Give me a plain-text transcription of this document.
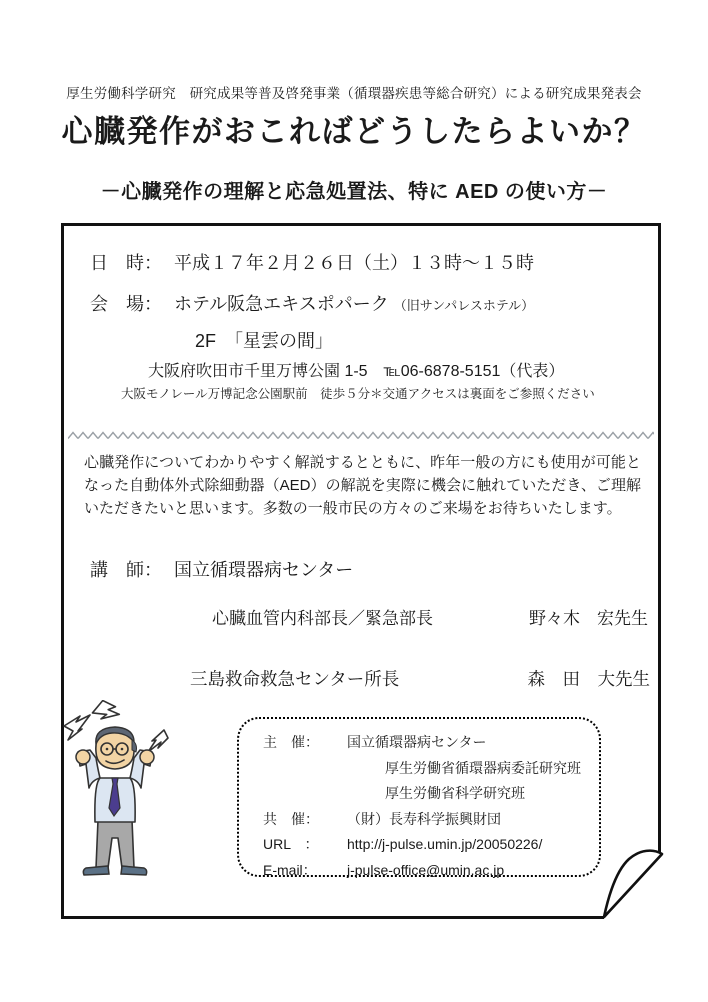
厚生労働科学研究　研究成果等普及啓発事業（循環器疾患等総合研究）による研究成果発表会
心臓発作がおこればどうしたらよいか？
－心臓発作の理解と応急処置法、特に AED の使い方－
日　時： 平成１７年２月２６日（土）１３時～１５時
会　場： ホテル阪急エキスポパーク （旧サンパレスホテル）
2F　「星雲の間」
大阪府吹田市千里万博公園 1-5　℡06-6878-5151（代表）
大阪モノレール万博記念公園駅前　徒歩５分＊交通アクセスは裏面をご参照ください
心臓発作についてわかりやすく解説するとともに、昨年一般の方にも使用が可能となった自動体外式除細動器（AED）の解説を実際に機会に触れていただき、ご理解いただきたいと思います。多数の一般市民の方々のご来場をお待ちいたします。
講　師： 国立循環器病センター
心臓血管内科部長／緊急部長	野々木　宏先生
三島救命救急センター所長	森　田　大先生
主　催：	国立循環器病センター
厚生労働省循環器病委託研究班
厚生労働省科学研究班
共　催：	（財）長寿科学振興財団
URL　：	http://j-pulse.umin.jp/20050226/
E-mail：	j-pulse-office@umin.ac.jp
